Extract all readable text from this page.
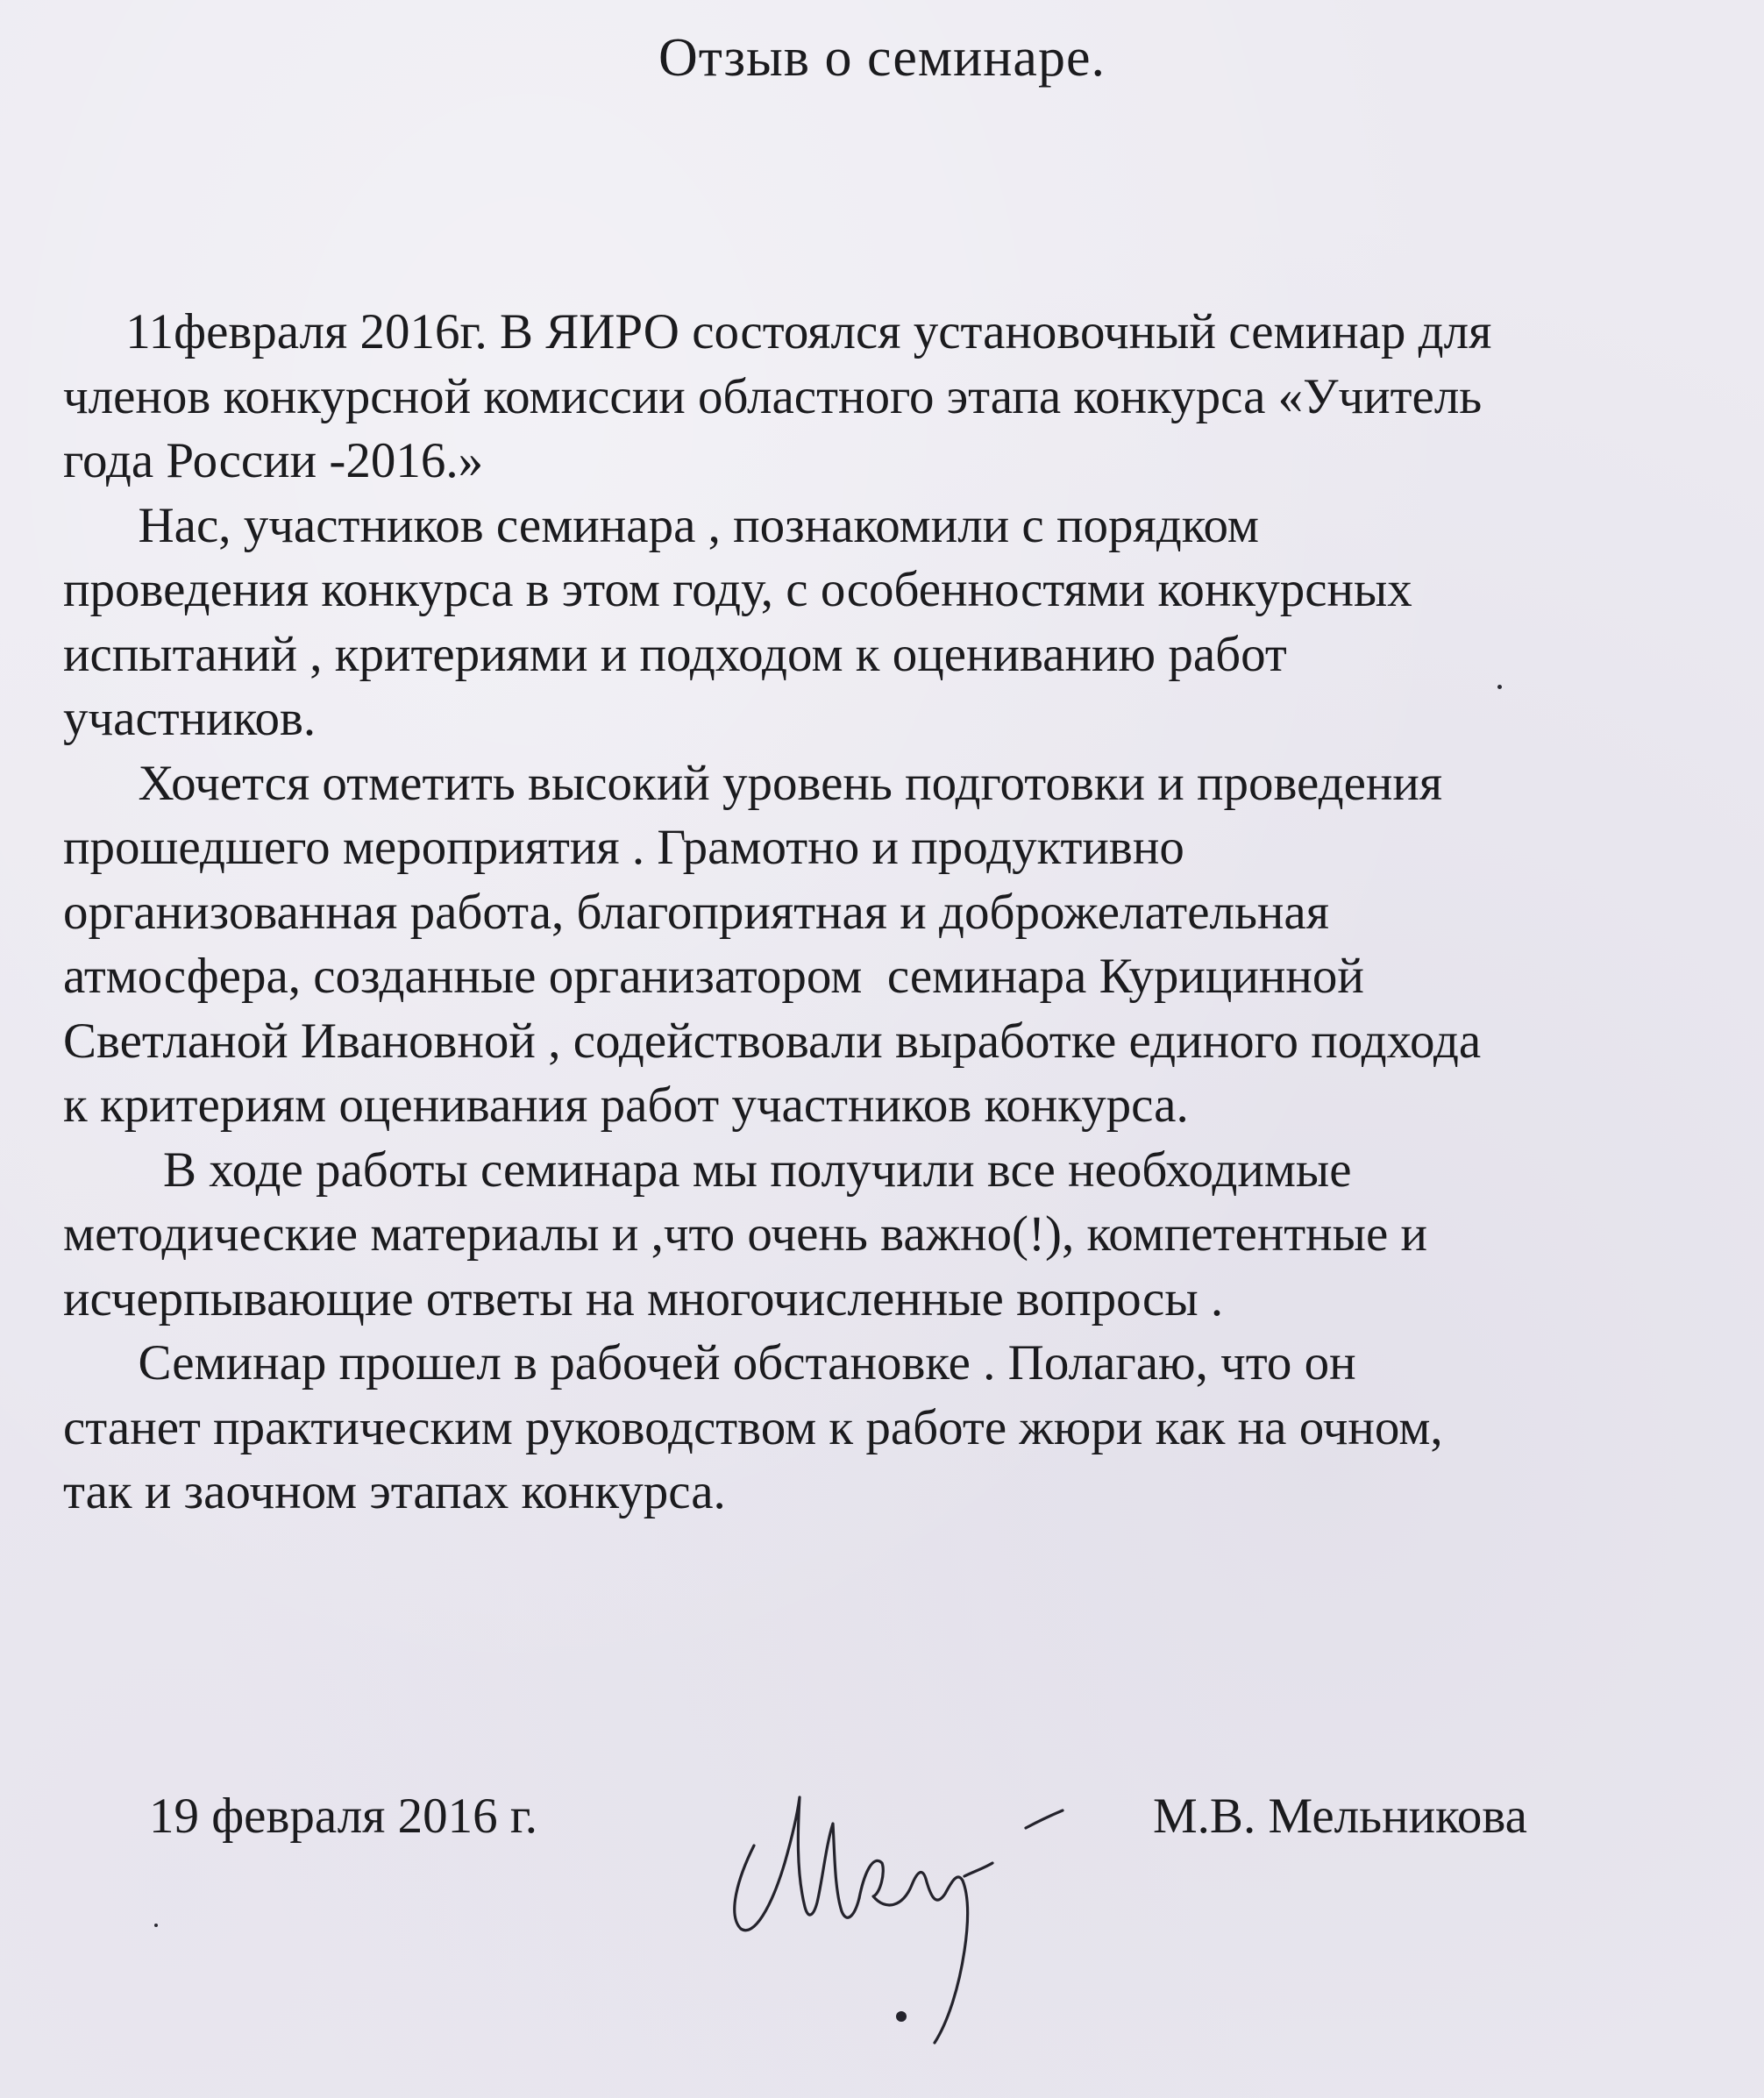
Отзыв о семинаре.
11февраля 2016г. В ЯИРО состоялся установочный семинар для
членов конкурсной комиссии областного этапа конкурса «Учитель
года России -2016.»
Нас, участников семинара , познакомили с порядком
проведения конкурса в этом году, с особенностями конкурсных
испытаний , критериями и подходом к оцениванию работ
участников.
Хочется отметить высокий уровень подготовки и проведения
прошедшего мероприятия . Грамотно и продуктивно
организованная работа, благоприятная и доброжелательная
атмосфера, созданные организатором  семинара Курицинной
Светланой Ивановной , содействовали выработке единого подхода
к критериям оценивания работ участников конкурса.
В ходе работы семинара мы получили все необходимые
методические материалы и ,что очень важно(!), компетентные и
исчерпывающие ответы на многочисленные вопросы .
Семинар прошел в рабочей обстановке . Полагаю, что он
станет практическим руководством к работе жюри как на очном,
так и заочном этапах конкурса.
19 февраля 2016 г.	М.В. Мельникова
